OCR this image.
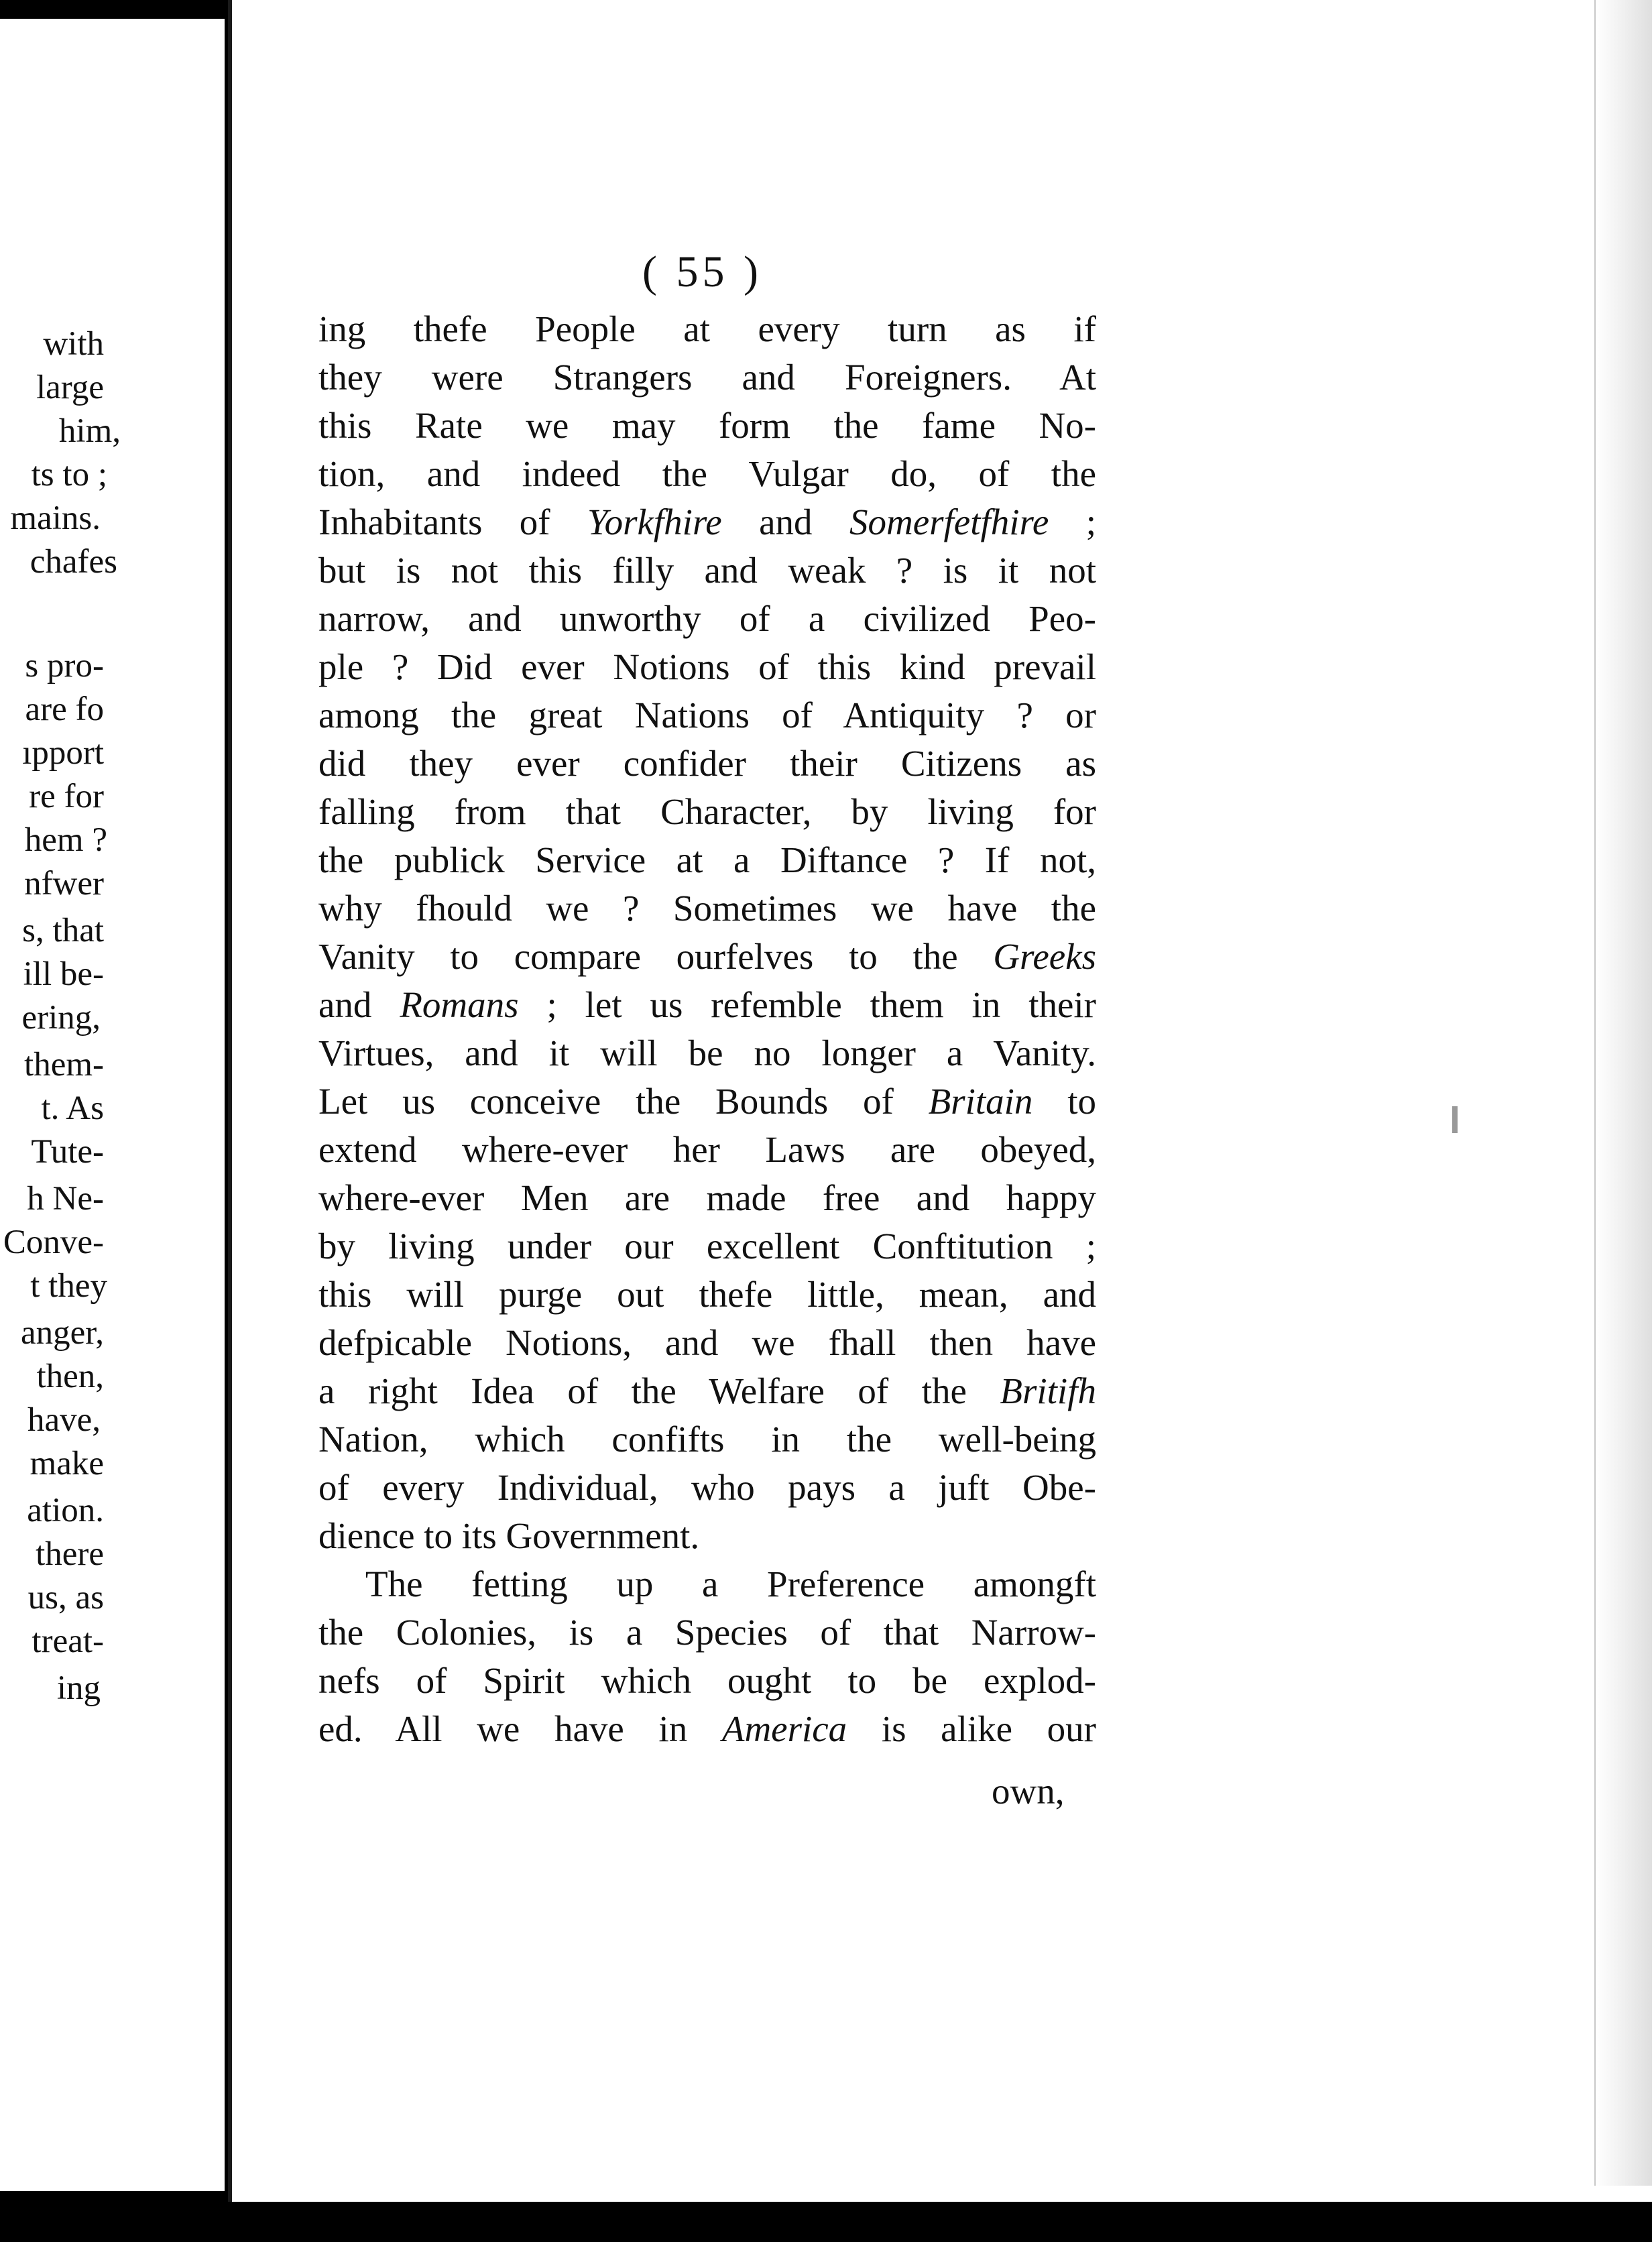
with
large
him,
ts to ;
mains.
chafes
s pro-
are fo
ıpport
re for
hem ?
nfwer
s, that
ill be-
ering,
them-
t. As
Tute-
h Ne-
Conve-
t they
anger,
then,
have,
make
ation.
there
us, as
treat-
ing
( 55 )
ing thefe People at every turn as if
they were Strangers and Foreigners. At
this Rate we may form the fame No-
tion, and indeed the Vulgar do, of the
Inhabitants of Yorkfhire and Somerfetfhire ;
but is not this filly and weak ? is it not
narrow, and unworthy of a civilized Peo-
ple ? Did ever Notions of this kind prevail
among the great Nations of Antiquity ? or
did they ever confider their Citizens as
falling from that Character, by living for
the publick Service at a Diftance ? If not,
why fhould we ? Sometimes we have the
Vanity to compare ourfelves to the Greeks
and Romans ; let us refemble them in their
Virtues, and it will be no longer a Vanity.
Let us conceive the Bounds of Britain to
extend where-ever her Laws are obeyed,
where-ever Men are made free and happy
by living under our excellent Conftitution ;
this will purge out thefe little, mean, and
defpicable Notions, and we fhall then have
a right Idea of the Welfare of the Britifh
Nation, which confifts in the well-being
of every Individual, who pays a juft Obe-
dience to its Government.
The fetting up a Preference amongft
the Colonies, is a Species of that Narrow-
nefs of Spirit which ought to be explod-
ed. All we have in America is alike our
own,
